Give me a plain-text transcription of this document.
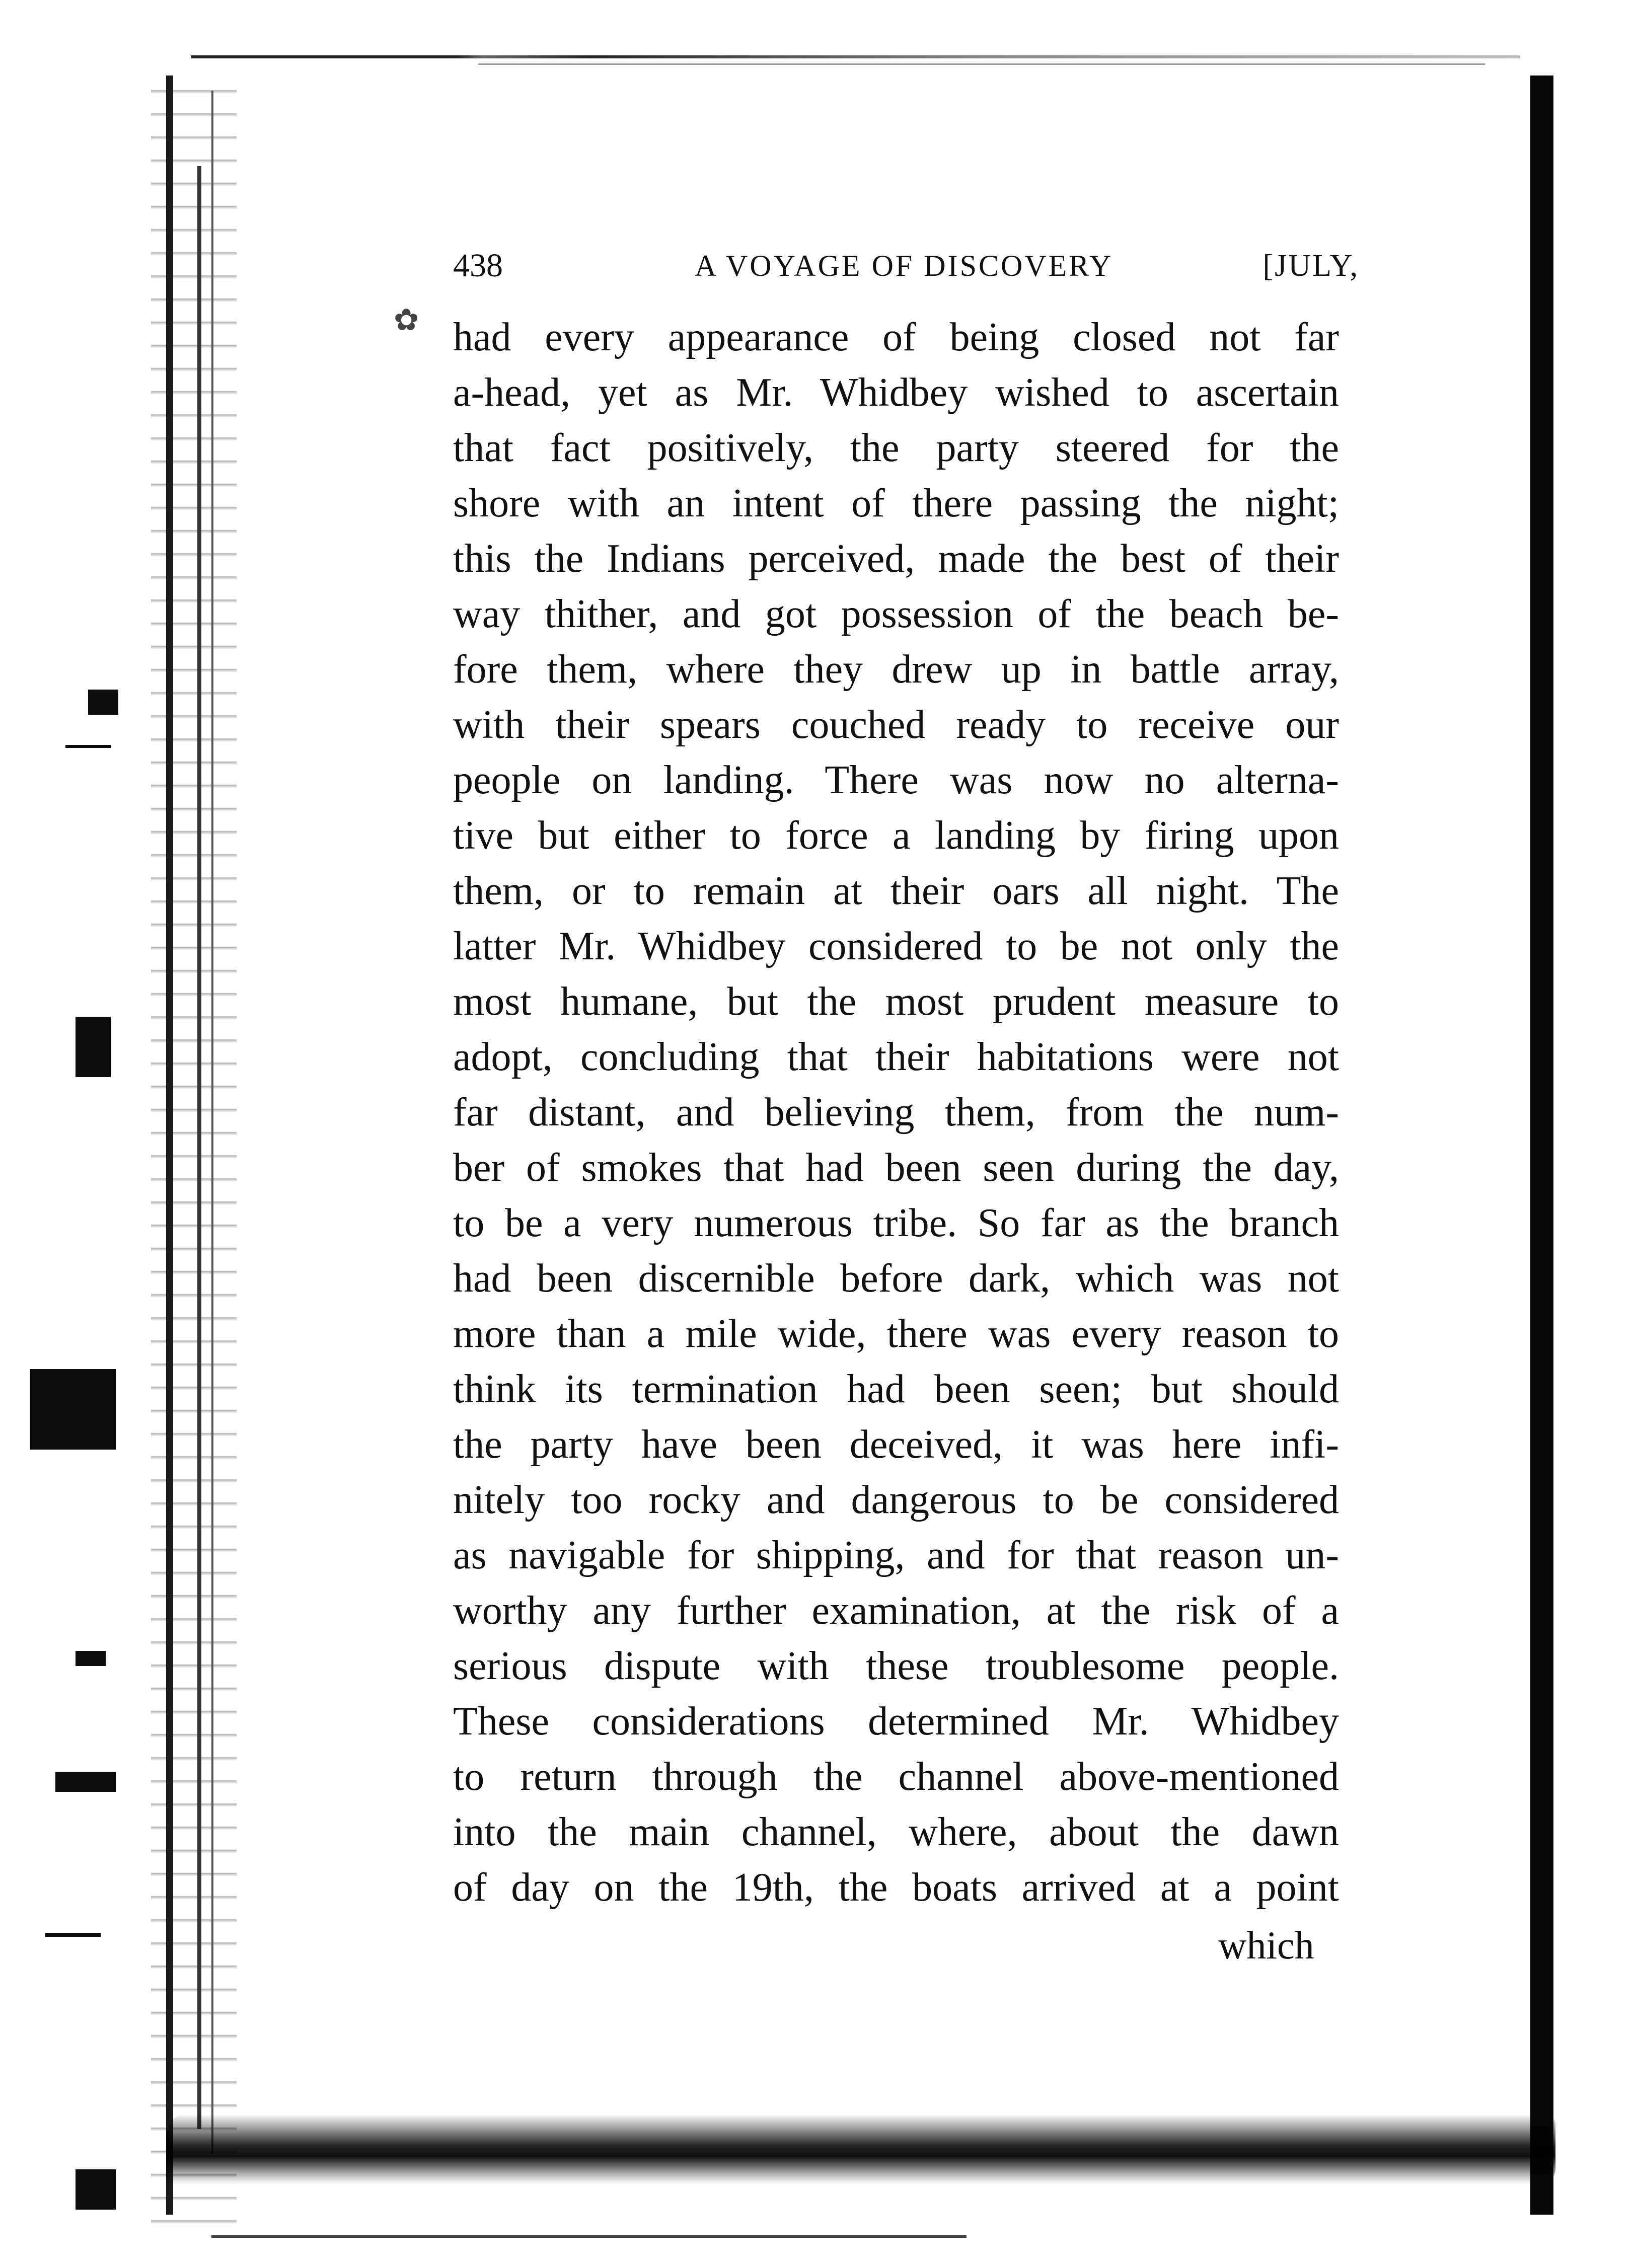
✿
438	A VOYAGE OF DISCOVERY	[JULY,
had every appearance of being closed not far
a-head, yet as Mr. Whidbey wished to ascertain
that fact positively, the party steered for the
shore with an intent of there passing the night;
this the Indians perceived, made the best of their
way thither, and got possession of the beach be-
fore them, where they drew up in battle array,
with their spears couched ready to receive our
people on landing. There was now no alterna-
tive but either to force a landing by firing upon
them, or to remain at their oars all night. The
latter Mr. Whidbey considered to be not only the
most humane, but the most prudent measure to
adopt, concluding that their habitations were not
far distant, and believing them, from the num-
ber of smokes that had been seen during the day,
to be a very numerous tribe. So far as the branch
had been discernible before dark, which was not
more than a mile wide, there was every reason to
think its termination had been seen; but should
the party have been deceived, it was here infi-
nitely too rocky and dangerous to be considered
as navigable for shipping, and for that reason un-
worthy any further examination, at the risk of a
serious dispute with these troublesome people.
These considerations determined Mr. Whidbey
to return through the channel above-mentioned
into the main channel, where, about the dawn
of day on the 19th, the boats arrived at a point
which
